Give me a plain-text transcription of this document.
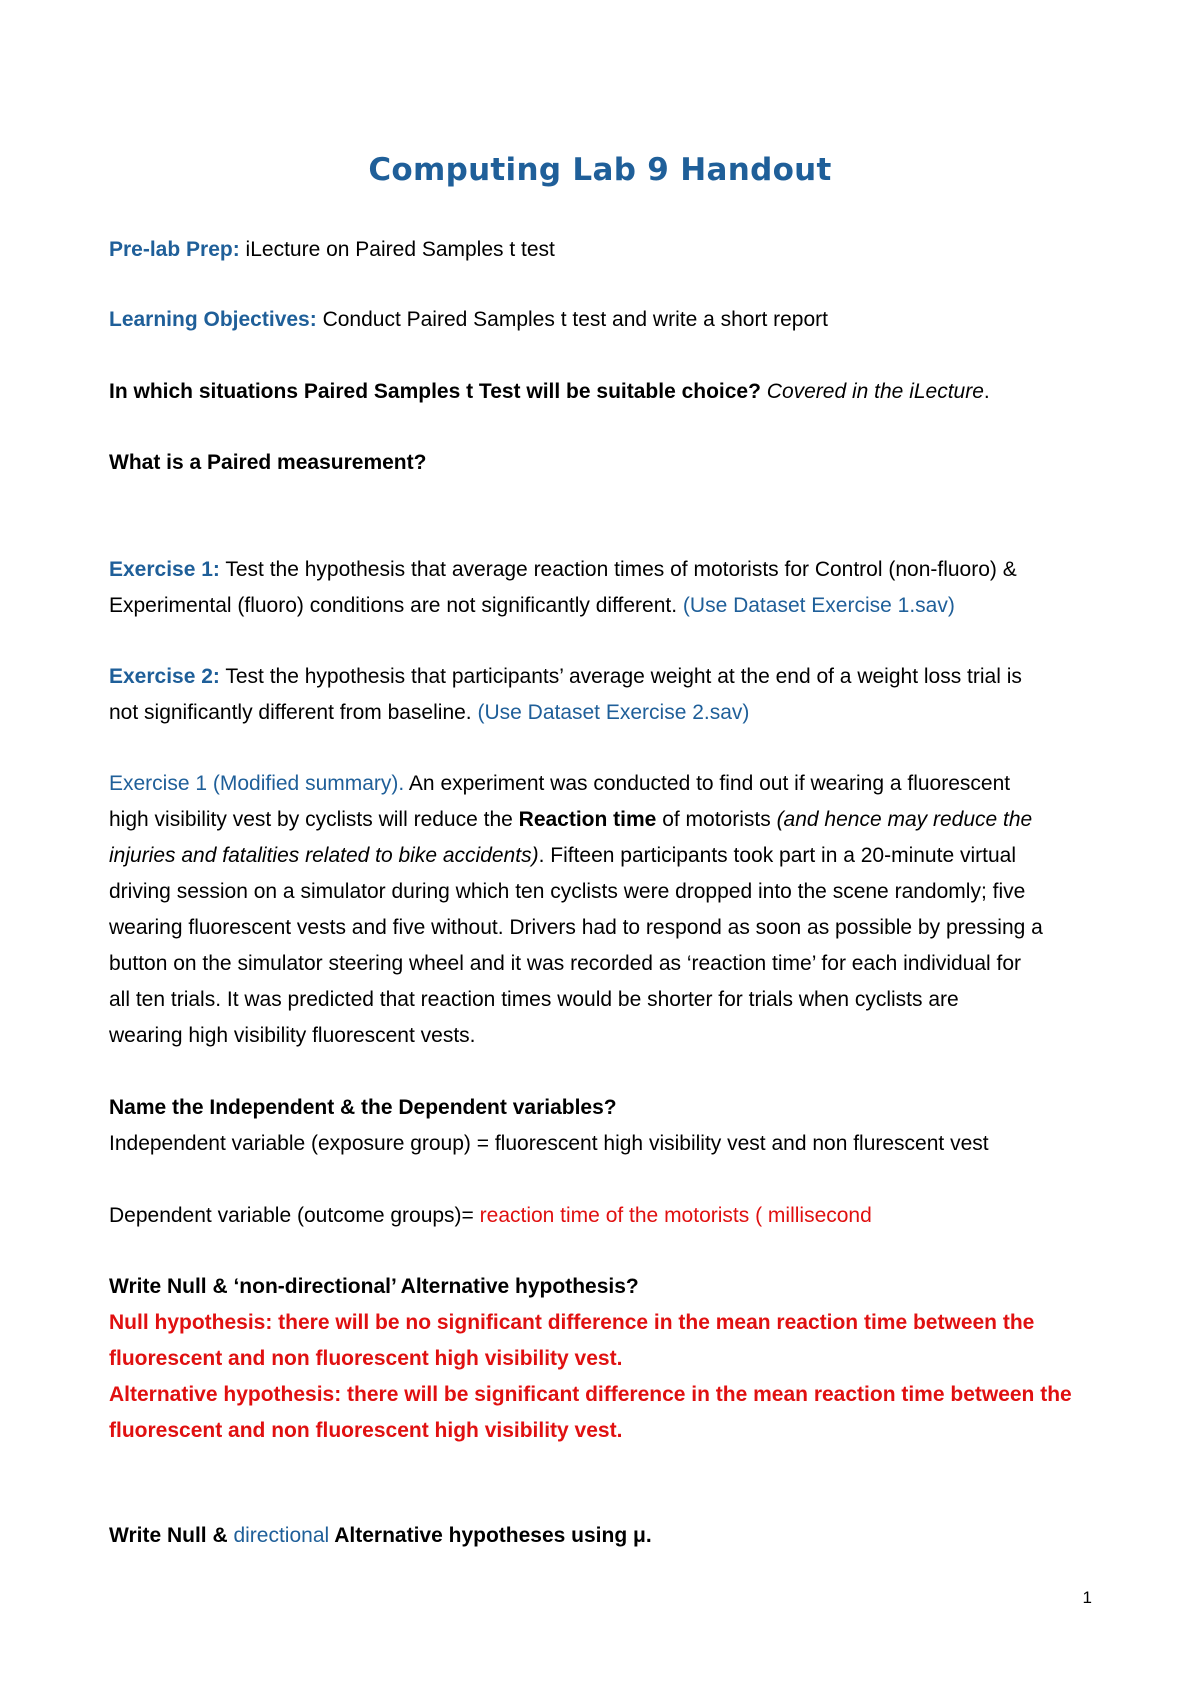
Computing Lab 9 Handout
Pre-lab Prep: iLecture on Paired Samples t test
Learning Objectives: Conduct Paired Samples t test and write a short report
In which situations Paired Samples t Test will be suitable choice? Covered in the iLecture.
What is a Paired measurement?
Exercise 1: Test the hypothesis that average reaction times of motorists for Control (non-fluoro) &
Experimental (fluoro) conditions are not significantly different. (Use Dataset Exercise 1.sav)
Exercise 2: Test the hypothesis that participants’ average weight at the end of a weight loss trial is
not significantly different from baseline. (Use Dataset Exercise 2.sav)
Exercise 1 (Modified summary). An experiment was conducted to find out if wearing a fluorescent
high visibility vest by cyclists will reduce the Reaction time of motorists (and hence may reduce the
injuries and fatalities related to bike accidents). Fifteen participants took part in a 20-minute virtual
driving session on a simulator during which ten cyclists were dropped into the scene randomly; five
wearing fluorescent vests and five without. Drivers had to respond as soon as possible by pressing a
button on the simulator steering wheel and it was recorded as ‘reaction time’ for each individual for
all ten trials. It was predicted that reaction times would be shorter for trials when cyclists are
wearing high visibility fluorescent vests.
Name the Independent & the Dependent variables?
Independent variable (exposure group) = fluorescent high visibility vest and non flurescent vest
Dependent variable (outcome groups)= reaction time of the motorists ( millisecond
Write Null & ‘non-directional’ Alternative hypothesis?
Null hypothesis: there will be no significant difference in the mean reaction time between the
fluorescent and non fluorescent high visibility vest.
Alternative hypothesis: there will be significant difference in the mean reaction time between the
fluorescent and non fluorescent high visibility vest.
Write Null & directional Alternative hypotheses using μ.
1
